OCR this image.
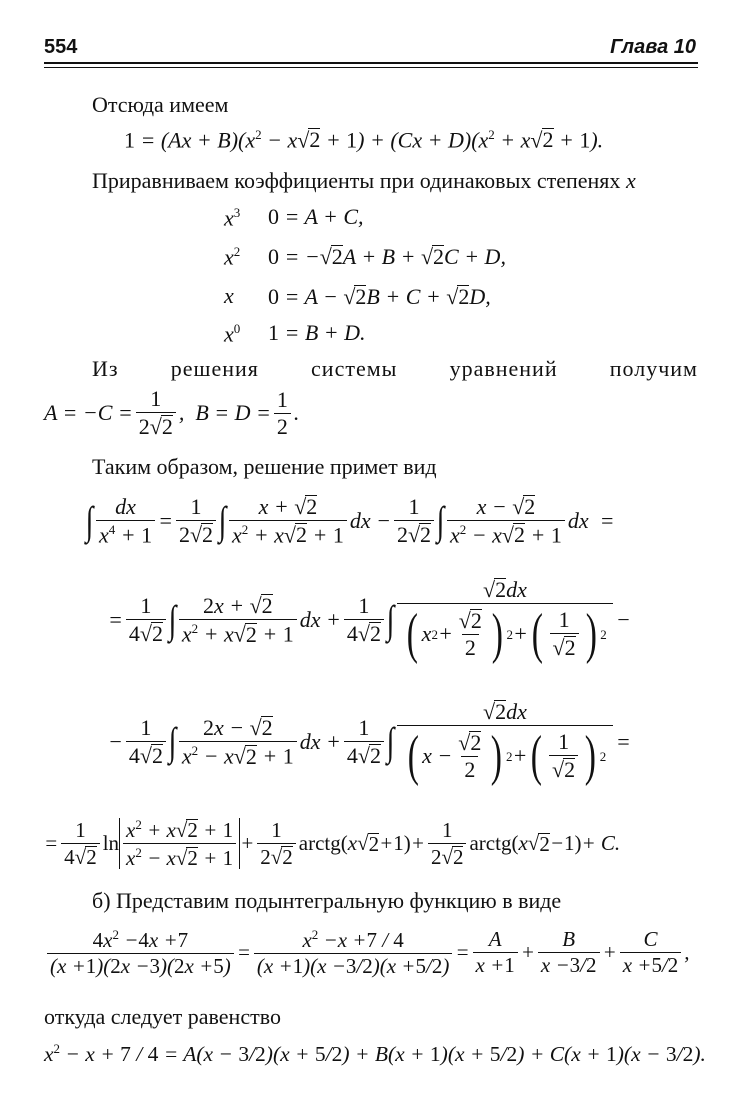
554	Глава 10
Отсюда имеем
$1 = (Ax + B)(x^2 - x√2 + 1) + (Cx + D)(x^2 + x√2 + 1)$.
Приравниваем коэффициенты при одинаковых степенях x
$x^3$ 0 = A + C,
$x^2$ 0 = −√2A + B + √2C + D,
x 0 = A − √2B + C + √2D,
$x^0$ 1 = B + D.
Из решения системы уравнений получим
$A = -C = \frac{1}{2√2}$ ,  $B = D = \frac{1}{2}$ .
Таким образом, решение примет вид
∫ $\frac{dx}{x^4 + 1} = \frac{1}{2√2}$ ∫ $\frac{x + √2}{x^2 + x√2 + 1}$ dx − $\frac{1}{2√2}$ ∫ $\frac{x - √2}{x^2 - x√2 + 1}$ dx  =
= $\frac{1}{4√2}$ ∫ $\frac{2x + √2}{x^2 + x√2 + 1}$ dx + $\frac{1}{4√2}$ ∫ $\frac{√2dx}{( x 2 + \frac{√2}{2} ) 2 + ( \frac{1}{√2} ) 2}$ −
− $\frac{1}{4√2}$ ∫ $\frac{2x - √2}{x^2 - x√2 + 1}$ dx + $\frac{1}{4√2}$ ∫ $\frac{√2dx}{( x - \frac{√2}{2} ) 2 + ( \frac{1}{√2} ) 2}$ =
= $\frac{1}{4√2}$ $\ln \frac{x^2 + x√2 + 1}{x^2 - x√2 + 1} + \frac{1}{2√2}$ arctg( x √ $2 + 1) + \frac{1}{2√2}$ arctg( x √ 2 − 1) + C.
б) Представим подынтегральную функцию в виде
$\frac{4x^2 -4x +7}{(x +1)(2x -3)(2x +5)} = \frac{x^2 -x +7 / 4}{(x +1)(x -3/2)(x +5/2)} = \frac{A}{x +1} + \frac{B}{x -3/2} + \frac{C}{x +5/2}$ ,
откуда следует равенство
$x^2 - x + 7 / 4 = A(x - 3/2)(x + 5/2) + B(x + 1)(x + 5/2) + C(x + 1)(x - 3/2)$.
